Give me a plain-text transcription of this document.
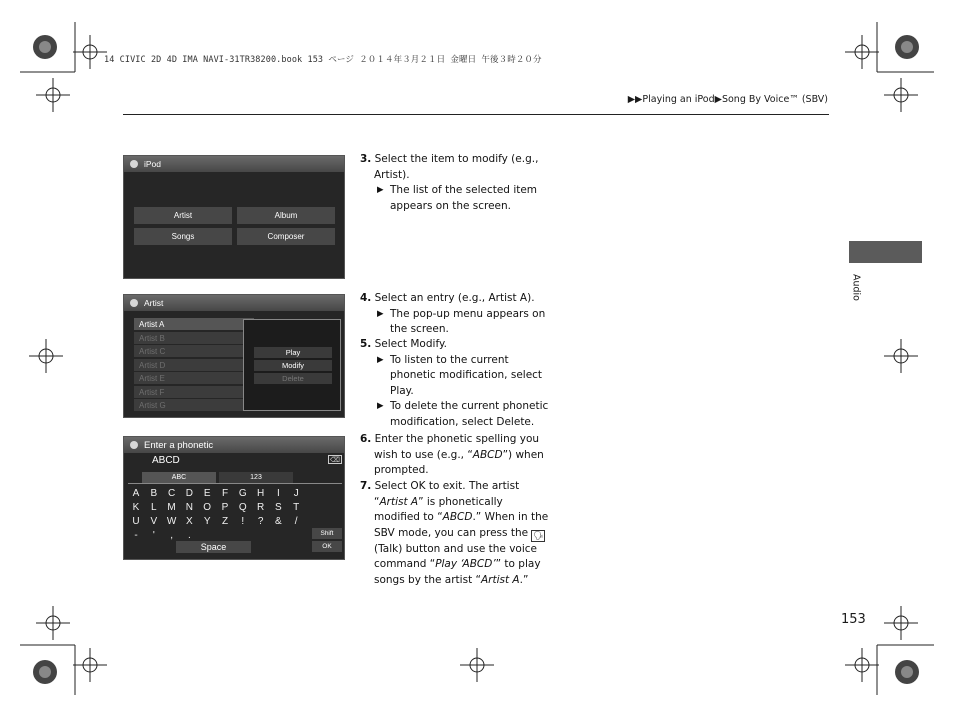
14 CIVIC 2D 4D IMA NAVI-31TR38200.book 153 ページ ２０１４年３月２１日 金曜日 午後３時２０分
▶▶Playing an iPod▶Song By Voice™ (SBV)
Audio
iPod
Artist	Album
Songs	Composer
Artist
Artist A
Artist B
Artist C
Artist D
Artist E
Artist F
Artist G
Play
Modify
Delete
Enter a phonetic
ABCD	⌫
ABC	123
A	B	C	D	E	F	G	H	I	J
K	L	M	N	O	P	Q	R	S	T
U	V W X	Y	Z	!	?	&	/
-	'	,	.
Space
Shift
OK
3. Select the item to modify (e.g.,
Artist).
▶ The list of the selected item appears on the screen.
4. Select an entry (e.g., Artist A).
▶ The pop-up menu appears on the screen.
5. Select Modify.
▶ To listen to the current phonetic modification, select Play.
▶ To delete the current phonetic modification, select Delete.
6. Enter the phonetic spelling you wish to use (e.g., “ABCD”) when prompted.
7. Select OK to exit. The artist “Artist A” is phonetically modified to “ABCD.” When in the SBV mode, you can press the 🗣 (Talk) button and use the voice command “Play ‘ABCD’” to play songs by the artist “Artist A.”
153
